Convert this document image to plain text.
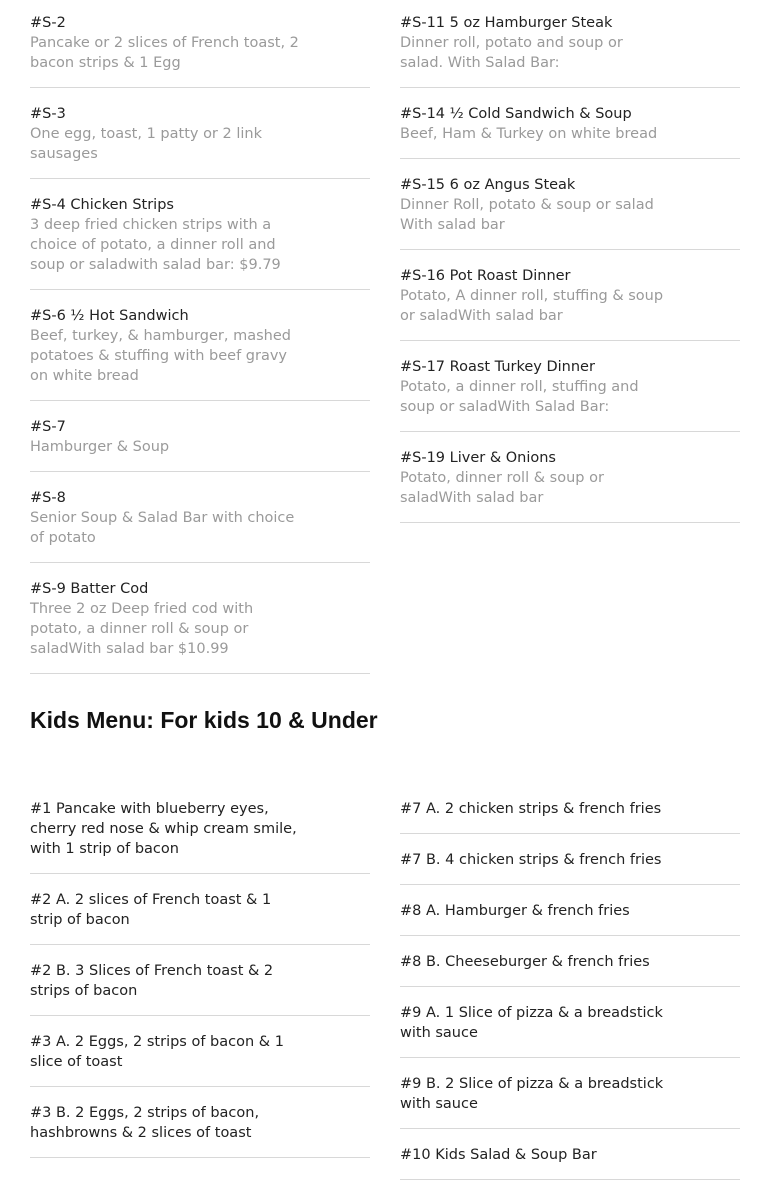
#S-2
Pancake or 2 slices of French toast, 2 bacon strips & 1 Egg
#S-3
One egg, toast, 1 patty or 2 link sausages
#S-4 Chicken Strips
3 deep fried chicken strips with a choice of potato, a dinner roll and soup or saladwith salad bar: $9.79
#S-6 ½ Hot Sandwich
Beef, turkey, & hamburger, mashed potatoes & stuffing with beef gravy on white bread
#S-7
Hamburger & Soup
#S-8
Senior Soup & Salad Bar with choice of potato
#S-9 Batter Cod
Three 2 oz Deep fried cod with potato, a dinner roll & soup or saladWith salad bar $10.99
#S-11 5 oz Hamburger Steak
Dinner roll, potato and soup or salad. With Salad Bar:
#S-14 ½ Cold Sandwich & Soup
Beef, Ham & Turkey on white bread
#S-15 6 oz Angus Steak
Dinner Roll, potato & soup or salad With salad bar
#S-16 Pot Roast Dinner
Potato, A dinner roll, stuffing & soup or saladWith salad bar
#S-17 Roast Turkey Dinner
Potato, a dinner roll, stuffing and soup or saladWith Salad Bar:
#S-19 Liver & Onions
Potato, dinner roll & soup or saladWith salad bar
Kids Menu: For kids 10 & Under
#1 Pancake with blueberry eyes, cherry red nose & whip cream smile, with 1 strip of bacon
#2 A. 2 slices of French toast & 1 strip of bacon
#2 B. 3 Slices of French toast & 2 strips of bacon
#3 A. 2 Eggs, 2 strips of bacon & 1 slice of toast
#3 B. 2 Eggs, 2 strips of bacon, hashbrowns & 2 slices of toast
#7 A. 2 chicken strips & french fries
#7 B. 4 chicken strips & french fries
#8 A. Hamburger & french fries
#8 B. Cheeseburger & french fries
#9 A. 1 Slice of pizza & a breadstick with sauce
#9 B. 2 Slice of pizza & a breadstick with sauce
#10 Kids Salad & Soup Bar
